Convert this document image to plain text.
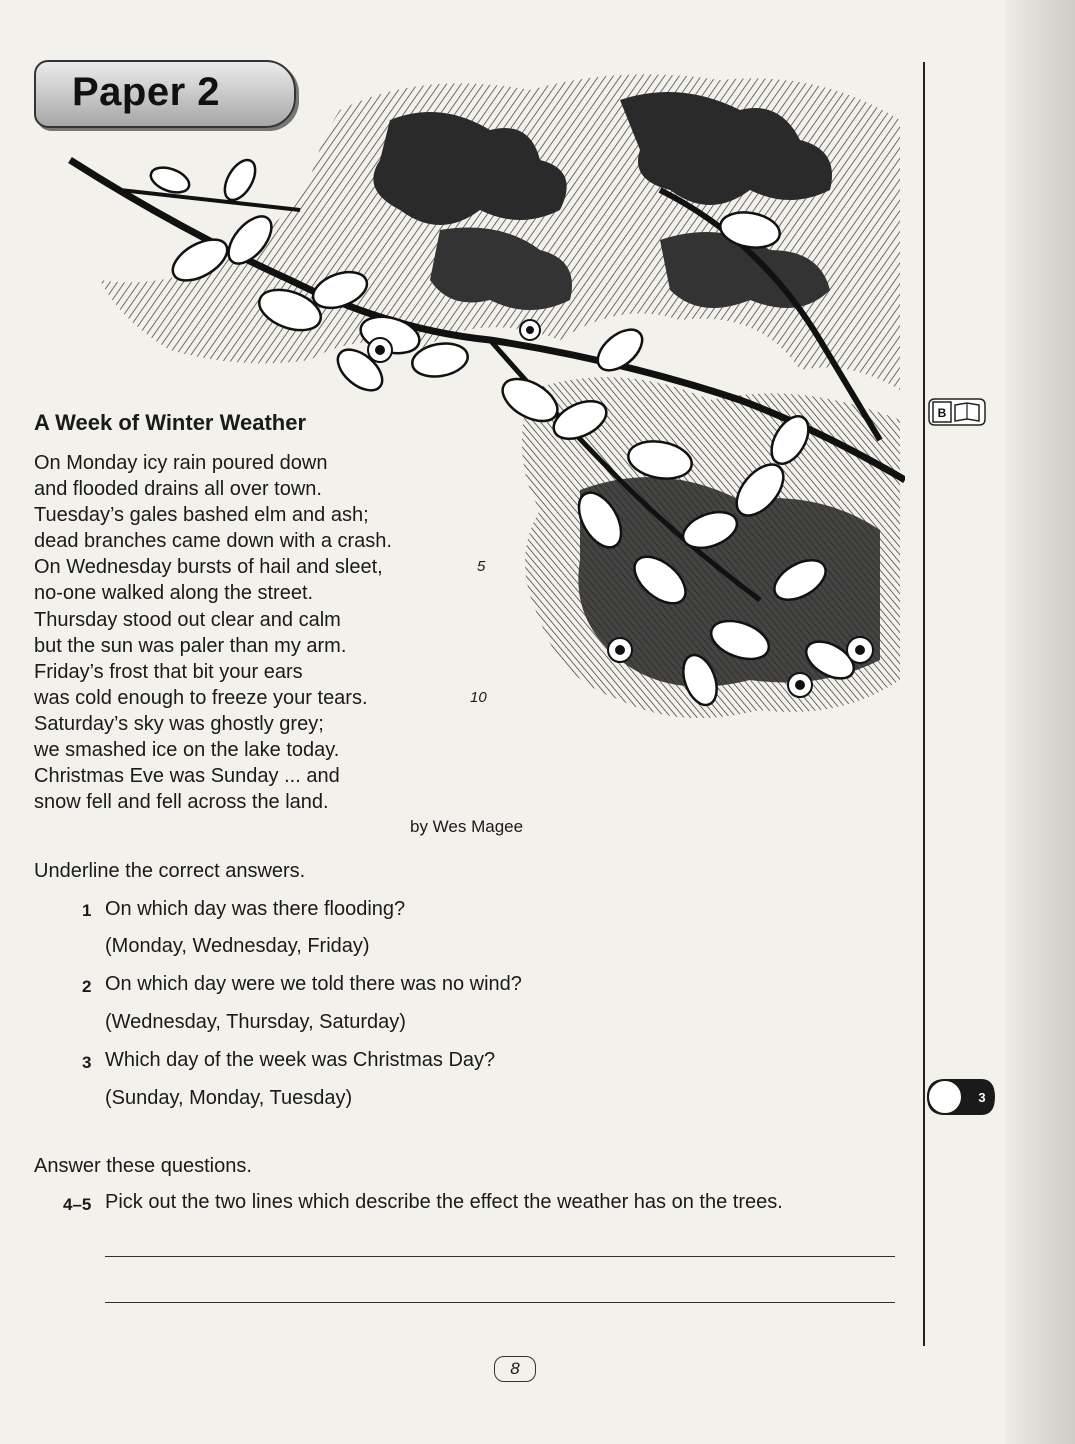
Paper 2
A Week of Winter Weather
On Monday icy rain poured down
and flooded drains all over town.
Tuesday’s gales bashed elm and ash;
dead branches came down with a crash.
On Wednesday bursts of hail and sleet,
no-one walked along the street.
Thursday stood out clear and calm
but the sun was paler than my arm.
Friday’s frost that bit your ears
was cold enough to freeze your tears.
Saturday’s sky was ghostly grey;
we smashed ice on the lake today.
Christmas Eve was Sunday ... and
snow fell and fell across the land.
5
10
by Wes Magee
Underline the correct answers.
1 On which day was there flooding?
(Monday, Wednesday, Friday)
2 On which day were we told there was no wind?
(Wednesday, Thursday, Saturday)
3 Which day of the week was Christmas Day?
(Sunday, Monday, Tuesday)
Answer these questions.
4–5 Pick out the two lines which describe the effect the weather has on the trees.
B
3
8
